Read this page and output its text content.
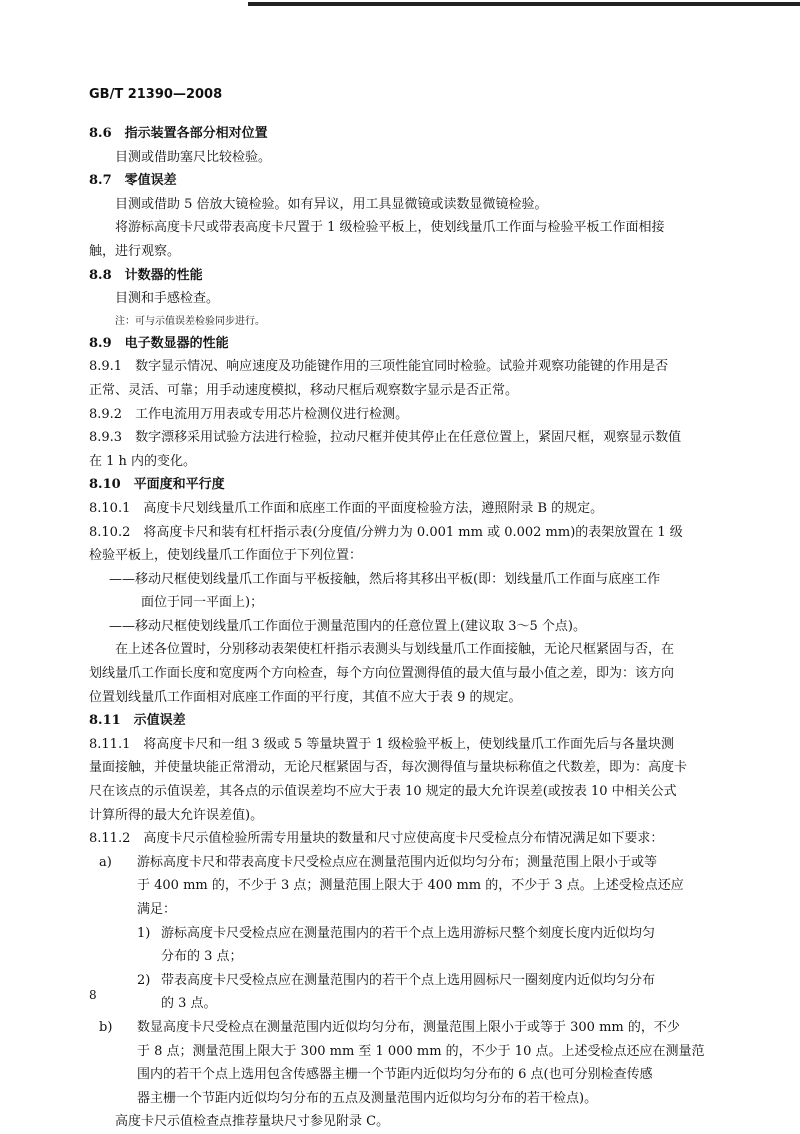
GB/T 21390—2008
8.6　指示装置各部分相对位置
目测或借助塞尺比较检验。
8.7　零值误差
目测或借助 5 倍放大镜检验。如有异议，用工具显微镜或读数显微镜检验。
将游标高度卡尺或带表高度卡尺置于 1 级检验平板上，使划线量爪工作面与检验平板工作面相接
触，进行观察。
8.8　计数器的性能
目测和手感检查。
注：可与示值误差检验同步进行。
8.9　电子数显器的性能
8.9.1　数字显示情况、响应速度及功能键作用的三项性能宜同时检验。试验并观察功能键的作用是否
正常、灵活、可靠；用手动速度模拟，移动尺框后观察数字显示是否正常。
8.9.2　工作电流用万用表或专用芯片检测仪进行检测。
8.9.3　数字漂移采用试验方法进行检验，拉动尺框并使其停止在任意位置上，紧固尺框，观察显示数值
在 1 h 内的变化。
8.10　平面度和平行度
8.10.1　高度卡尺划线量爪工作面和底座工作面的平面度检验方法，遵照附录 B 的规定。
8.10.2　将高度卡尺和装有杠杆指示表(分度值/分辨力为 0.001 mm 或 0.002 mm)的表架放置在 1 级
检验平板上，使划线量爪工作面位于下列位置：
——移动尺框使划线量爪工作面与平板接触，然后将其移出平板(即：划线量爪工作面与底座工作
面位于同一平面上)；
——移动尺框使划线量爪工作面位于测量范围内的任意位置上(建议取 3～5 个点)。
在上述各位置时，分别移动表架使杠杆指示表测头与划线量爪工作面接触，无论尺框紧固与否，在
划线量爪工作面长度和宽度两个方向检查，每个方向位置测得值的最大值与最小值之差，即为：该方向
位置划线量爪工作面相对底座工作面的平行度，其值不应大于表 9 的规定。
8.11　示值误差
8.11.1　将高度卡尺和一组 3 级或 5 等量块置于 1 级检验平板上，使划线量爪工作面先后与各量块测
量面接触，并使量块能正常滑动，无论尺框紧固与否，每次测得值与量块标称值之代数差，即为：高度卡
尺在该点的示值误差，其各点的示值误差均不应大于表 10 规定的最大允许误差(或按表 10 中相关公式
计算所得的最大允许误差值)。
8.11.2　高度卡尺示值检验所需专用量块的数量和尺寸应使高度卡尺受检点分布情况满足如下要求：
a) 游标高度卡尺和带表高度卡尺受检点应在测量范围内近似均匀分布；测量范围上限小于或等
于 400 mm 的，不少于 3 点；测量范围上限大于 400 mm 的，不少于 3 点。上述受检点还应
满足：
1) 游标高度卡尺受检点应在测量范围内的若干个点上选用游标尺整个刻度长度内近似均匀
分布的 3 点；
2) 带表高度卡尺受检点应在测量范围内的若干个点上选用圆标尺一圈刻度内近似均匀分布
的 3 点。
b) 数显高度卡尺受检点在测量范围内近似均匀分布，测量范围上限小于或等于 300 mm 的，不少
于 8 点；测量范围上限大于 300 mm 至 1 000 mm 的，不少于 10 点。上述受检点还应在测量范
围内的若干个点上选用包含传感器主栅一个节距内近似均匀分布的 6 点(也可分别检查传感
器主栅一个节距内近似均匀分布的五点及测量范围内近似均匀分布的若干检点)。
高度卡尺示值检查点推荐量块尺寸参见附录 C。
8
